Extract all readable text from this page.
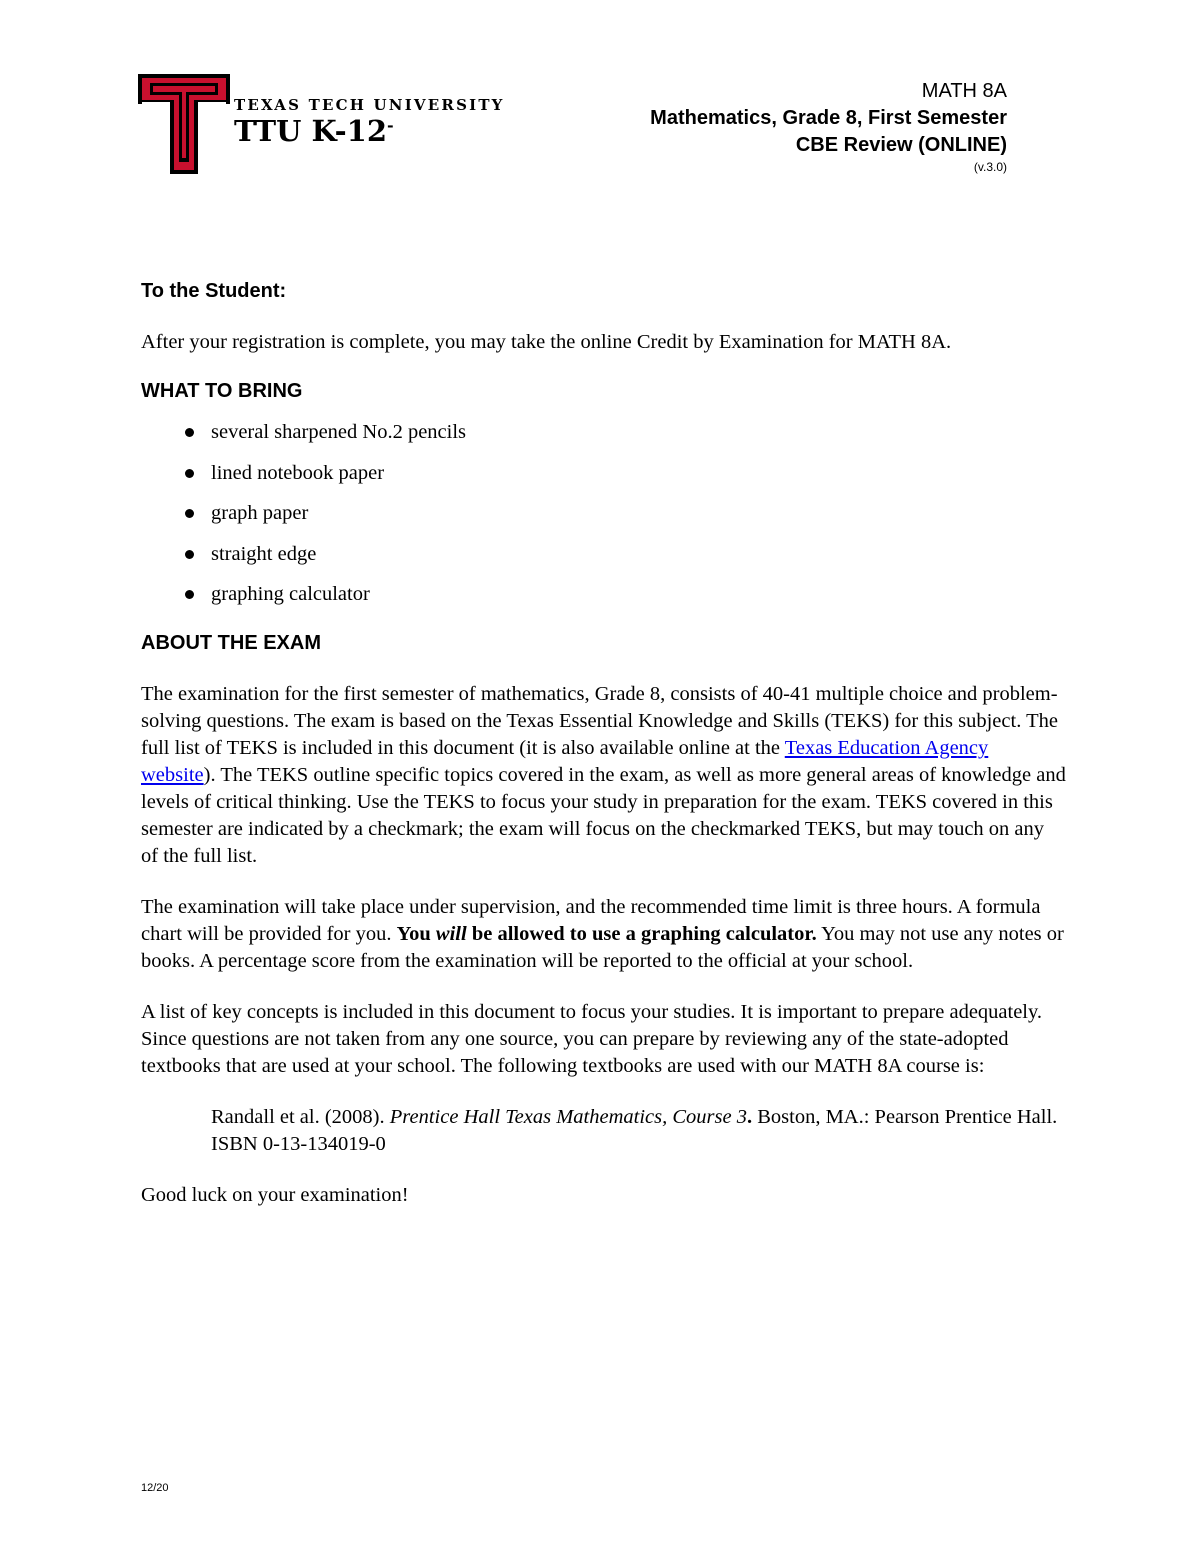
TEXAS TECH UNIVERSITY
TTU K-12-
MATH 8A
Mathematics, Grade 8, First Semester
CBE Review (ONLINE)
(v.3.0)
To the Student:

After your registration is complete, you may take the online Credit by Examination for MATH 8A.

WHAT TO BRING
several sharpened No.2 pencils
lined notebook paper
graph paper
straight edge
graphing calculator
ABOUT THE EXAM

The examination for the first semester of mathematics, Grade 8, consists of 40-41 multiple choice and problem-solving questions. The exam is based on the Texas Essential Knowledge and Skills (TEKS) for this subject. The full list of TEKS is included in this document (it is also available online at the Texas Education Agency website). The TEKS outline specific topics covered in the exam, as well as more general areas of knowledge and levels of critical thinking. Use the TEKS to focus your study in preparation for the exam. TEKS covered in this semester are indicated by a checkmark; the exam will focus on the checkmarked TEKS, but may touch on any of the full list.

The examination will take place under supervision, and the recommended time limit is three hours. A formula chart will be provided for you. You will be allowed to use a graphing calculator. You may not use any notes or books. A percentage score from the examination will be reported to the official at your school.

A list of key concepts is included in this document to focus your studies. It is important to prepare adequately. Since questions are not taken from any one source, you can prepare by reviewing any of the state-adopted textbooks that are used at your school. The following textbooks are used with our MATH 8A course is:

Randall et al. (2008). Prentice Hall Texas Mathematics, Course 3. Boston, MA.: Pearson Prentice Hall. ISBN 0-13-134019-0

Good luck on your examination!

12/20
